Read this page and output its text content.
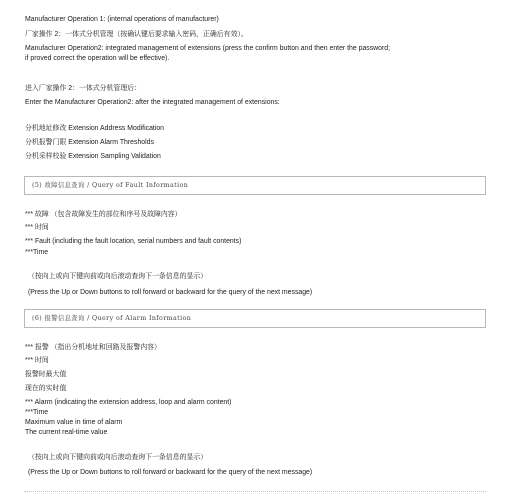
Manufacturer Operation 1: (internal operations of manufacturer)

厂家操作 2：一体式分机管理（按确认键后要求输入密码，正确后有效）。

Manufacturer Operation2: integrated management of extensions (press the confirm button and then enter the password;

if proved correct the operation will be effective).

进入厂家操作 2：一体式分机管理后：

Enter the Manufacturer Operation2: after the integrated management of extensions:

分机地址修改 Extension Address Modification

分机报警门限 Extension Alarm Thresholds

分机采样校验 Extension Sampling Validation

(5) 故障信息查询 / Query of Fault Information

*** 故障 （包含故障发生的部位和序号及故障内容）

*** 时间

*** Fault (including the fault location, serial numbers and fault contents)

***Time

（按向上或向下键向前或向后滚动查询下一条信息的显示）

(Press the Up or Down buttons to roll forward or backward for the query of the next message)

(6) 报警信息查询 / Query of Alarm Information

*** 报警 （指出分机地址和回路及报警内容）

*** 时间

报警时最大值

现在的实时值

*** Alarm (indicating the extension address, loop and alarm content)

***Time

Maximum value in time of alarm

The current real-time value

（按向上或向下键向前或向后滚动查询下一条信息的显示）

(Press the Up or Down buttons to roll forward or backward for the query of the next message)
